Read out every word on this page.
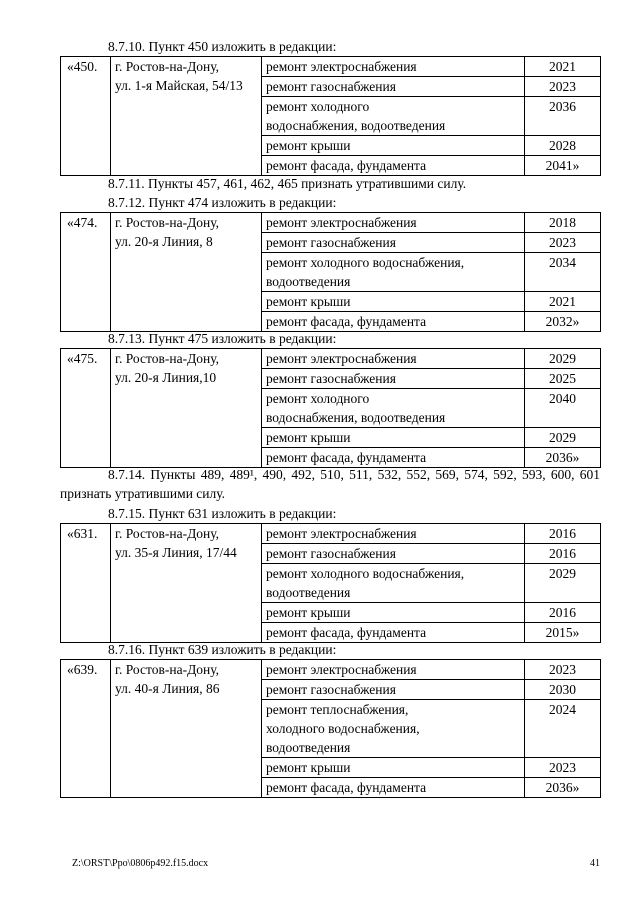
8.7.10. Пункт 450 изложить в редакции:
«450.	г. Ростов-на-Дону,
ул. 1-я Майская, 54/13	ремонт электроснабжения	2021

		ремонт газоснабжения	2023

		ремонт холодного
водоснабжения, водоотведения	2036

		ремонт крыши	2028

		ремонт фасада, фундамента	2041»
8.7.11. Пункты 457, 461, 462, 465 признать утратившими силу.
8.7.12. Пункт 474 изложить в редакции:
«474.	г. Ростов-на-Дону,
ул. 20-я Линия, 8	ремонт электроснабжения	2018

		ремонт газоснабжения	2023

		ремонт холодного водоснабжения,
водоотведения	2034

		ремонт крыши	2021

		ремонт фасада, фундамента	2032»
8.7.13. Пункт 475 изложить в редакции:
«475.	г. Ростов-на-Дону,
ул. 20-я Линия,10	ремонт электроснабжения	2029

		ремонт газоснабжения	2025

		ремонт холодного
водоснабжения, водоотведения	2040

		ремонт крыши	2029

		ремонт фасада, фундамента	2036»
8.7.14. Пункты 489, 489¹, 490, 492, 510, 511, 532, 552, 569, 574, 592, 593, 600, 601 признать утратившими силу.
8.7.15. Пункт 631 изложить в редакции:
«631.	г. Ростов-на-Дону,
ул. 35-я Линия, 17/44	ремонт электроснабжения	2016

		ремонт газоснабжения	2016

		ремонт холодного водоснабжения,
водоотведения	2029

		ремонт крыши	2016

		ремонт фасада, фундамента	2015»
8.7.16. Пункт 639 изложить в редакции:
«639.	г. Ростов-на-Дону,
ул. 40-я Линия, 86	ремонт электроснабжения	2023

		ремонт газоснабжения	2030

		ремонт теплоснабжения,
холодного водоснабжения,
водоотведения	2024

		ремонт крыши	2023

		ремонт фасада, фундамента	2036»
Z:\ORST\Ppo\0806p492.f15.docx	41
